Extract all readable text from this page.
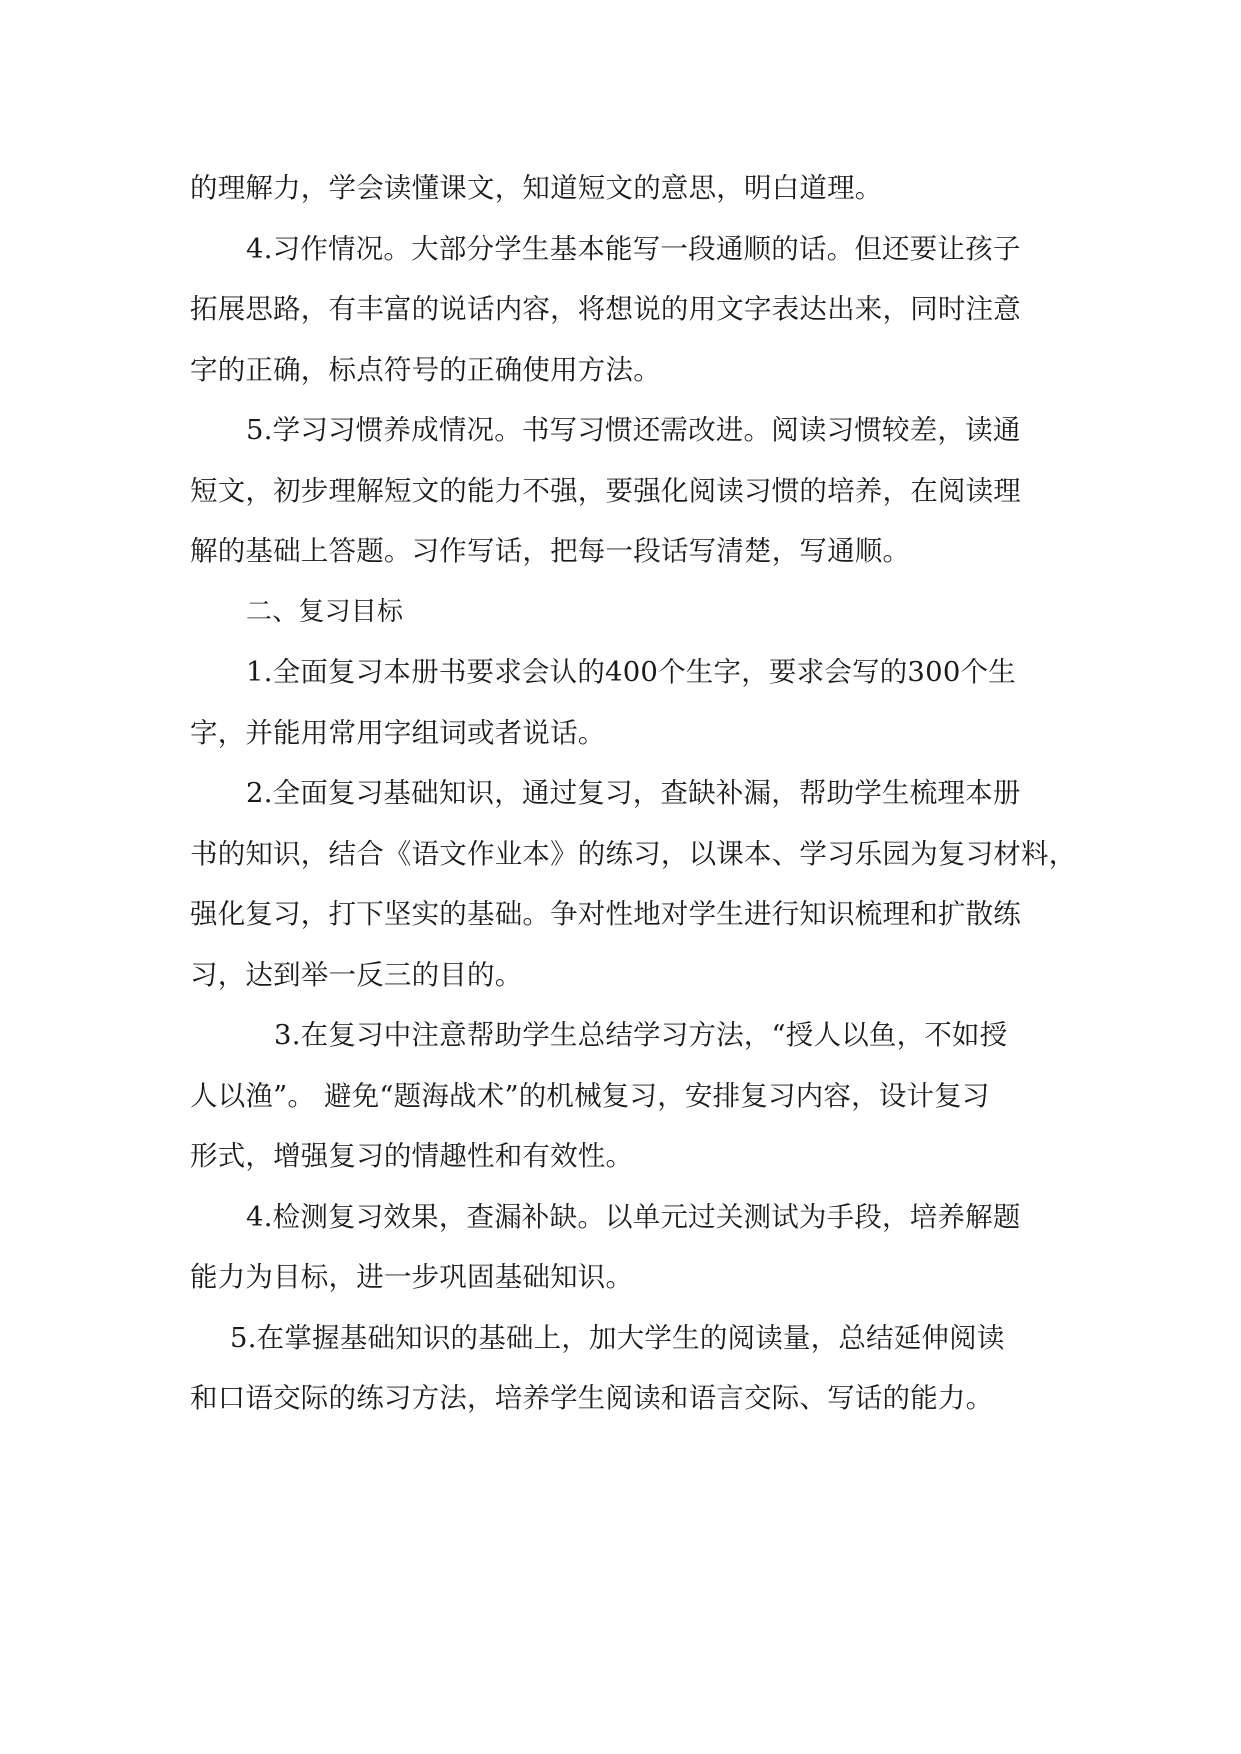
的理解力，学会读懂课文，知道短文的意思，明白道理。
4.习作情况。大部分学生基本能写一段通顺的话。但还要让孩子
拓展思路，有丰富的说话内容，将想说的用文字表达出来，同时注意
字的正确，标点符号的正确使用方法。
5.学习习惯养成情况。书写习惯还需改进。阅读习惯较差，读通
短文，初步理解短文的能力不强，要强化阅读习惯的培养，在阅读理
解的基础上答题。习作写话，把每一段话写清楚，写通顺。
二、复习目标
1.全面复习本册书要求会认的400个生字，要求会写的300个生
字，并能用常用字组词或者说话。
2.全面复习基础知识，通过复习，查缺补漏，帮助学生梳理本册
书的知识，结合《语文作业本》的练习，以课本、学习乐园为复习材料，
强化复习，打下坚实的基础。争对性地对学生进行知识梳理和扩散练
习，达到举一反三的目的。
3.在复习中注意帮助学生总结学习方法，“授人以鱼，不如授
人以渔”。 避免“题海战术”的机械复习，安排复习内容，设计复习
形式，增强复习的情趣性和有效性。
4.检测复习效果，查漏补缺。以单元过关测试为手段，培养解题
能力为目标，进一步巩固基础知识。
5.在掌握基础知识的基础上，加大学生的阅读量，总结延伸阅读
和口语交际的练习方法，培养学生阅读和语言交际、写话的能力。
